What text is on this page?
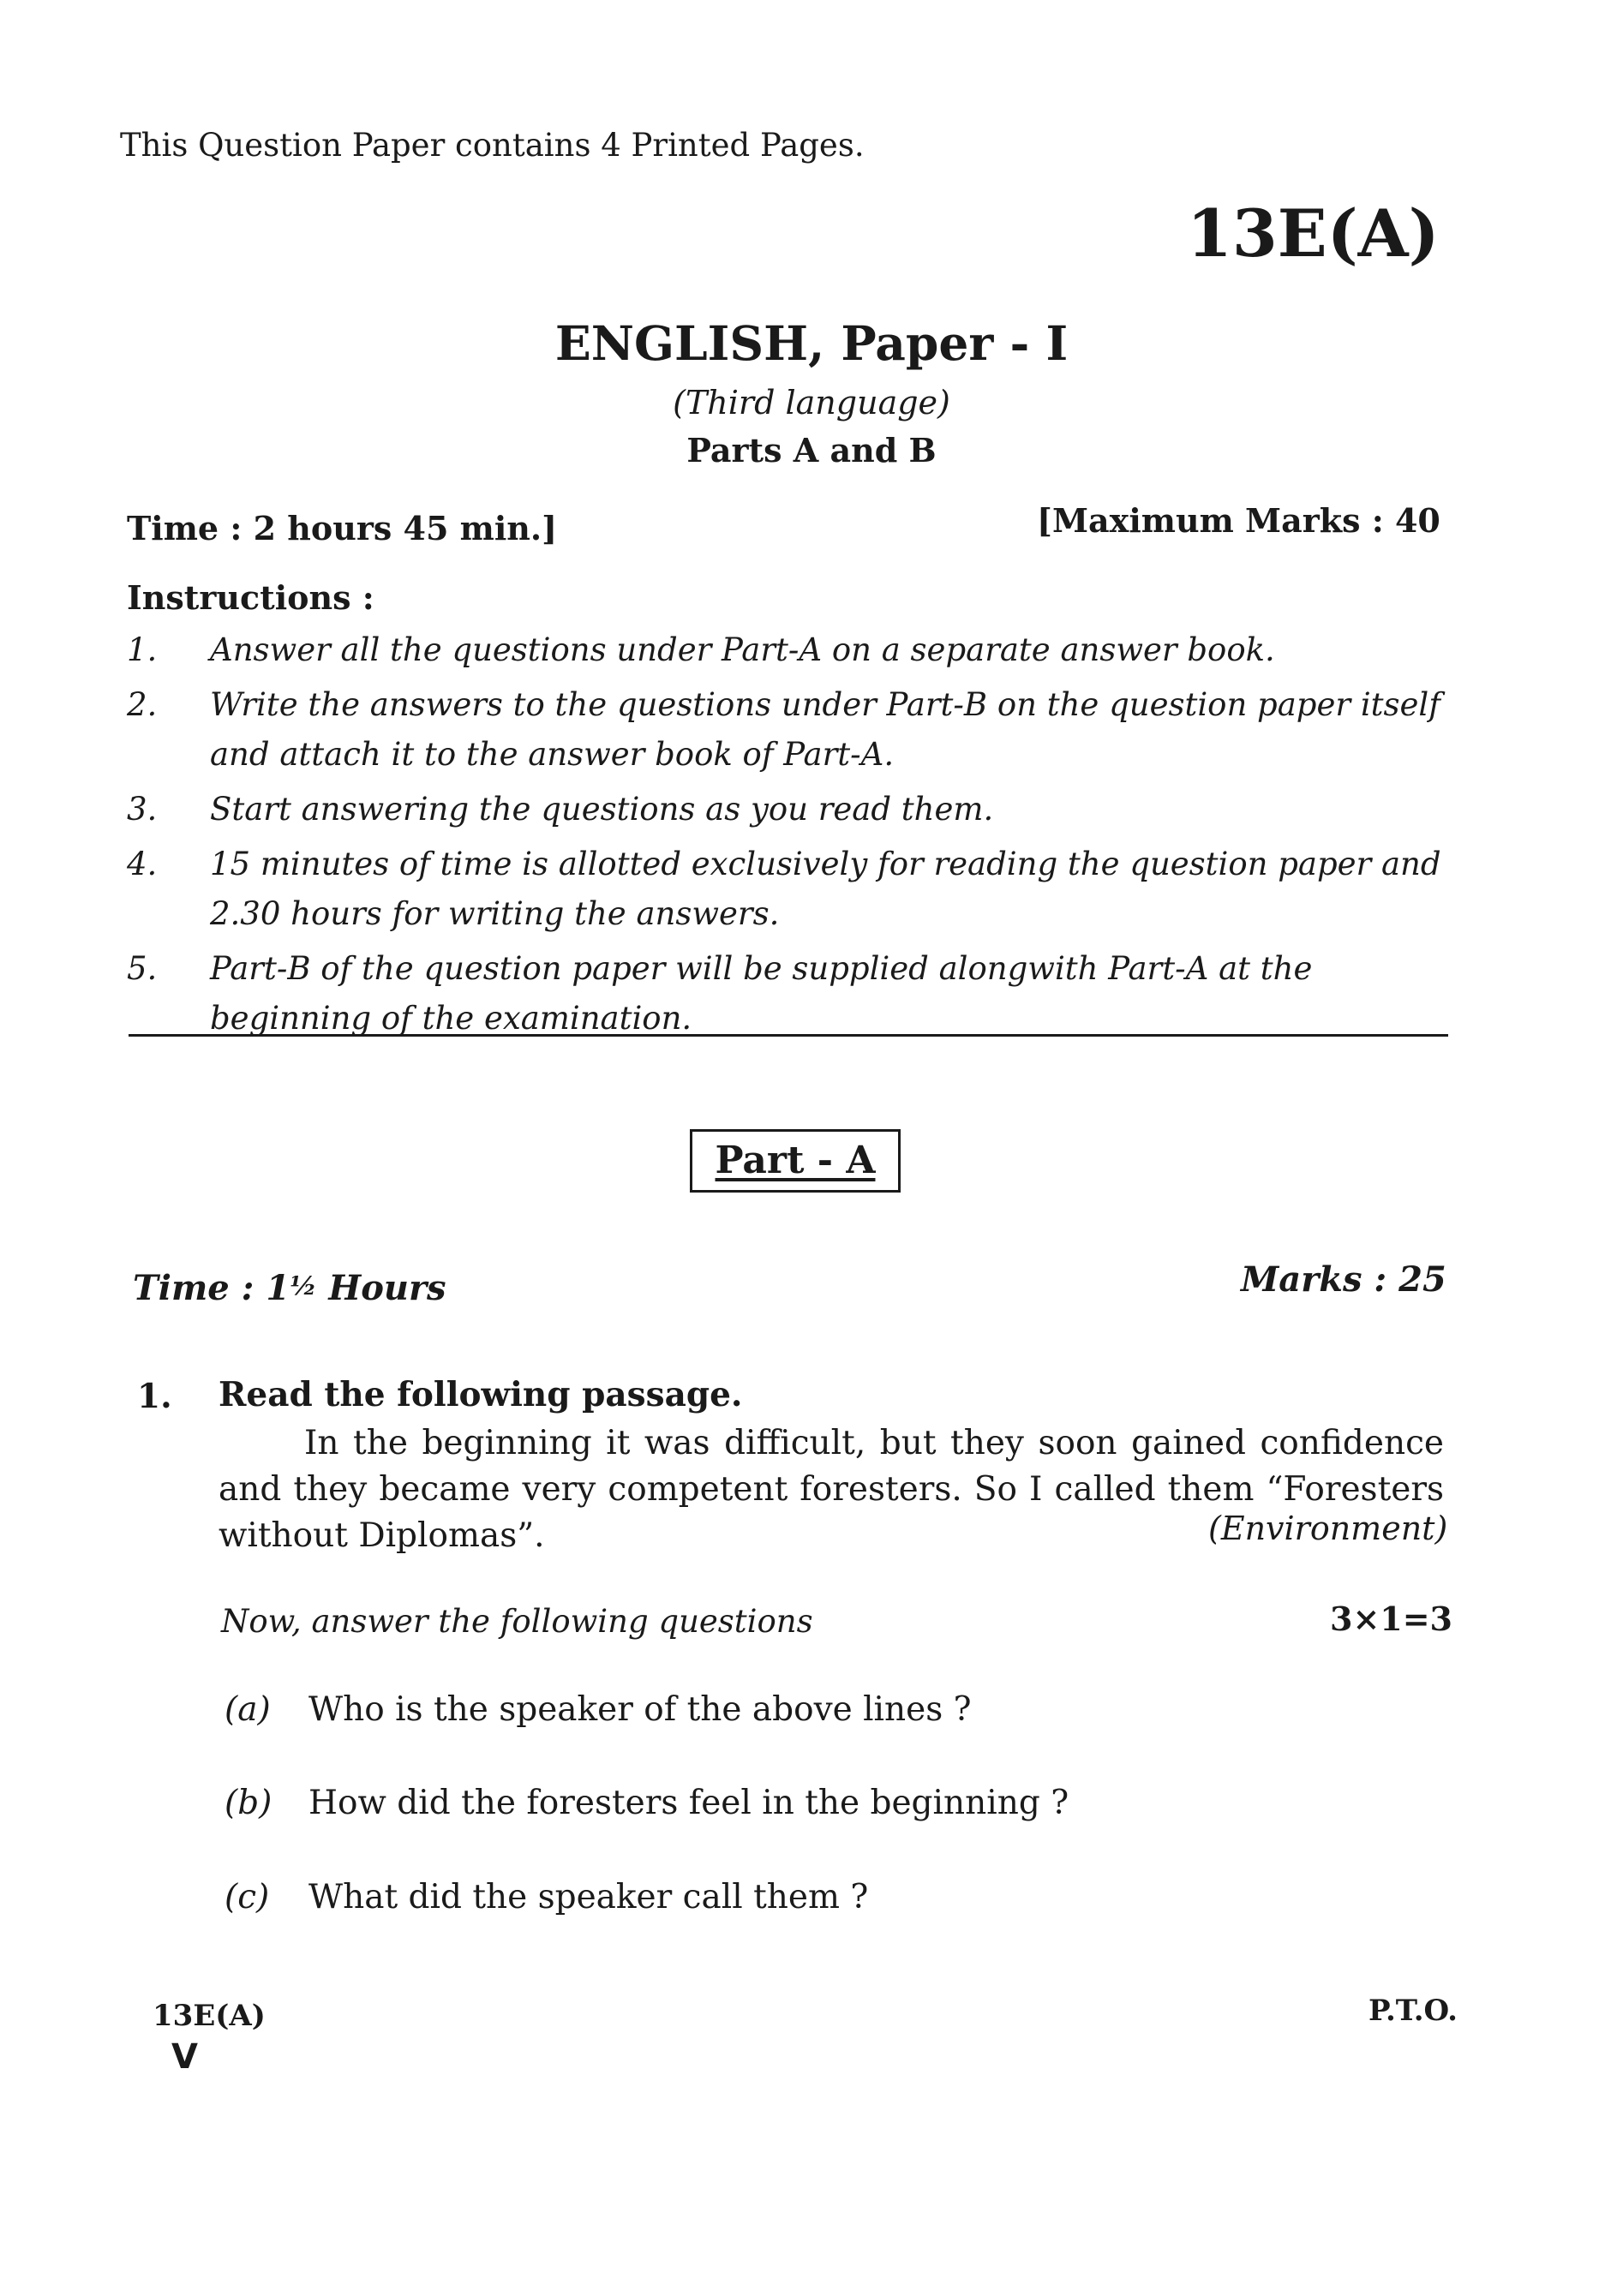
This Question Paper contains 4 Printed Pages.
13E(A)
ENGLISH, Paper - I
(Third language)
Parts A and B
Time : 2 hours 45 min.]	[Maximum Marks : 40
Instructions :
1.	Answer all the questions under Part-A on a separate answer book.
2.	Write the answers to the questions under Part-B on the question paper itself and attach it to the answer book of Part-A.
3.	Start answering the questions as you read them.
4.	15 minutes of time is allotted exclusively for reading the question paper and 2.30 hours for writing the answers.
5.	Part-B of the question paper will be supplied alongwith Part-A at the beginning of the examination.
Part - A
Time : 1½ Hours	Marks : 25
1. Read the following passage.
In the beginning it was difficult, but they soon gained confidence and they became very competent foresters. So I called them “Foresters without Diplomas”.	(Environment)
Now, answer the following questions	3×1=3
(a)	Who is the speaker of the above lines ?
(b)	How did the foresters feel in the beginning ?
(c)	What did the speaker call them ?
13E(A)
V
P.T.O.
